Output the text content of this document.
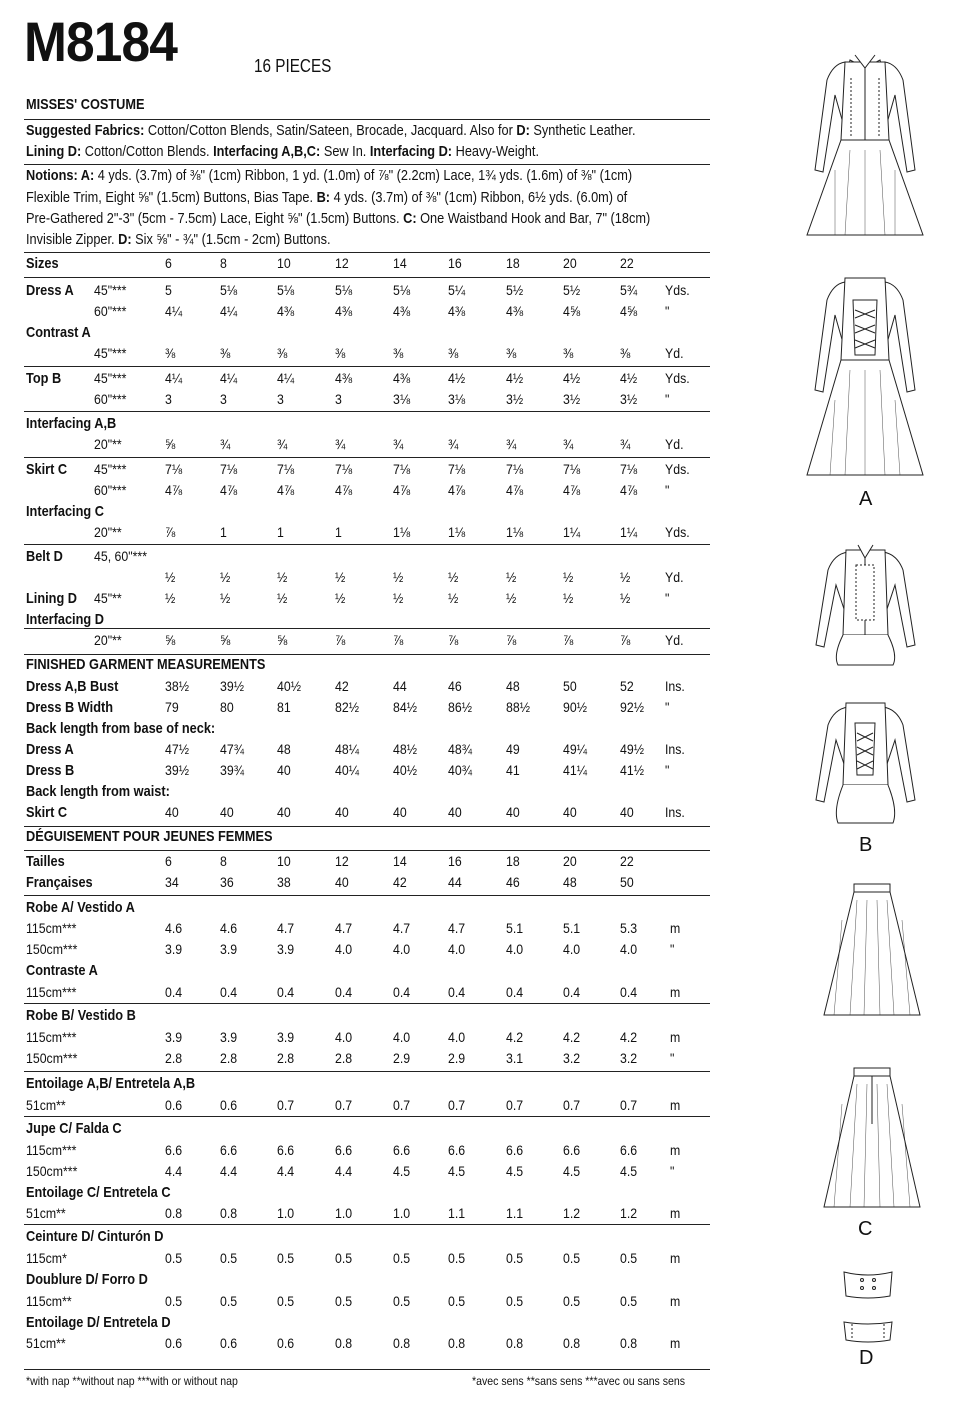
M8184	16 PIECES
MISSES' COSTUME
Suggested Fabrics: Cotton/Cotton Blends, Satin/Sateen, Brocade, Jacquard. Also for D: Synthetic Leather.
Lining D: Cotton/Cotton Blends. Interfacing A,B,C: Sew In. Interfacing D: Heavy-Weight.
Notions: A: 4 yds. (3.7m) of ⅜" (1cm) Ribbon, 1 yd. (1.0m) of ⅞" (2.2cm) Lace, 1¾ yds. (1.6m) of ⅜" (1cm)
Flexible Trim, Eight ⅝" (1.5cm) Buttons, Bias Tape. B: 4 yds. (3.7m) of ⅜" (1cm) Ribbon, 6½ yds. (6.0m) of
Pre-Gathered 2"-3" (5cm - 7.5cm) Lace, Eight ⅝" (1.5cm) Buttons. C: One Waistband Hook and Bar, 7" (18cm)
Invisible Zipper. D: Six ⅝" - ¾" (1.5cm - 2cm) Buttons.
Sizes	6	8	10	12	14	16	18	20	22
Dress A 45"***	5	5⅛	5⅛	5⅛	5⅛	5¼	5½	5½	5¾ Yds.
60"***	4¼	4¼	4⅜	4⅜	4⅜	4⅜	4⅜	4⅝	4⅝ "
Contrast A
45"***	⅜	⅜	⅜	⅜	⅜	⅜	⅜	⅜	⅜ Yd.
Top B 45"***	4¼	4¼	4¼	4⅜	4⅜	4½	4½	4½	4½ Yds.
60"***	3	3	3	3	3⅛	3⅛	3½	3½	3½ "
Interfacing A,B
20"**	⅝	¾	¾	¾	¾	¾	¾	¾	¾ Yd.
Skirt C 45"***	7⅛	7⅛	7⅛	7⅛	7⅛	7⅛	7⅛	7⅛	7⅛ Yds.
60"***	4⅞	4⅞	4⅞	4⅞	4⅞	4⅞	4⅞	4⅞	4⅞ "
Interfacing C
20"**	⅞	1	1	1	1⅛	1⅛	1⅛	1¼	1¼ Yds.
Belt D 45, 60"***
½	½	½	½	½	½	½	½	½ Yd.
Lining D 45"**	½	½	½	½	½	½	½	½	½ "
Interfacing D
20"**	⅝	⅝	⅝	⅞	⅞	⅞	⅞	⅞	⅞ Yd.
FINISHED GARMENT MEASUREMENTS
Dress A,B Bust	38½ 39½ 40½ 42	44	46	48	50	52 Ins.
Dress B Width	79	80	81	82½ 84½ 86½ 88½ 90½ 92½ "
Back length from base of neck:
Dress A	47½ 47¾ 48	48¼ 48½ 48¾ 49	49¼ 49½ Ins.
Dress B	39½ 39¾ 40	40¼ 40½ 40¾ 41	41¼ 41½ "
Back length from waist:
Skirt C	40	40	40	40	40	40	40	40	40 Ins.
DÉGUISEMENT POUR JEUNES FEMMES
Tailles	6	8	10	12	14	16	18	20	22
Françaises	34	36	38	40	42	44	46	48	50
Robe A/ Vestido A
115cm***	4.6	4.6	4.7	4.7	4.7	4.7	5.1	5.1	5.3 m
150cm***	3.9	3.9	3.9	4.0	4.0	4.0	4.0	4.0	4.0 "
Contraste A
115cm***	0.4	0.4	0.4	0.4	0.4	0.4	0.4	0.4	0.4 m
Robe B/ Vestido B
115cm***	3.9	3.9	3.9	4.0	4.0	4.0	4.2	4.2	4.2 m
150cm***	2.8	2.8	2.8	2.8	2.9	2.9	3.1	3.2	3.2 "
Entoilage A,B/ Entretela A,B
51cm**	0.6	0.6	0.7	0.7	0.7	0.7	0.7	0.7	0.7 m
Jupe C/ Falda C
115cm***	6.6	6.6	6.6	6.6	6.6	6.6	6.6	6.6	6.6 m
150cm***	4.4	4.4	4.4	4.4	4.5	4.5	4.5	4.5	4.5 "
Entoilage C/ Entretela C
51cm**	0.8	0.8	1.0	1.0	1.0	1.1	1.1	1.2	1.2 m
Ceinture D/ Cinturón D
115cm*	0.5	0.5	0.5	0.5	0.5	0.5	0.5	0.5	0.5 m
Doublure D/ Forro D
115cm**	0.5	0.5	0.5	0.5	0.5	0.5	0.5	0.5	0.5 m
Entoilage D/ Entretela D
51cm**	0.6	0.6	0.6	0.8	0.8	0.8	0.8	0.8	0.8 m
*with nap **without nap ***with or without nap	*avec sens **sans sens ***avec ou sans sens
A
B
C
D
